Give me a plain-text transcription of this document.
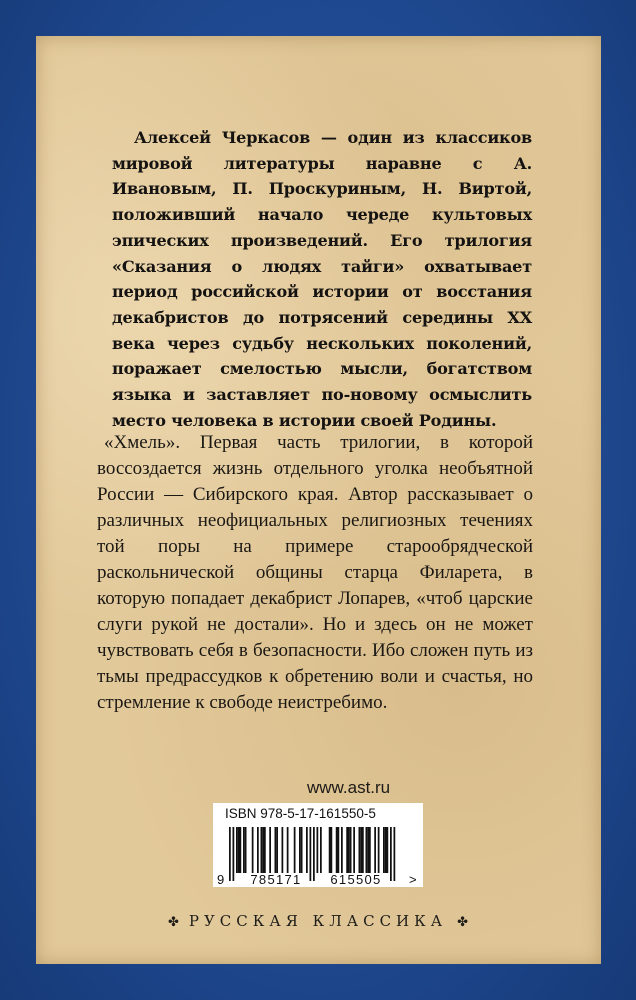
Алексей Черкасов — один из классиков мировой литературы наравне с А. Ивановым, П. Проскуриным, Н. Виртой, положивший начало череде культовых эпических произведений. Его трилогия «Сказания о людях тайги» охватывает период российской истории от восстания декабристов до потрясений середины XX века через судьбу нескольких поколений, поражает смелостью мысли, богатством языка и заставляет по-новому осмыслить место человека в истории своей Родины.

«Хмель». Первая часть трилогии, в которой воссоздается жизнь отдельного уголка необъятной России — Сибирского края. Автор рассказывает о различных неофициальных религиозных течениях той поры на примере старообрядческой раскольнической общины старца Филарета, в которую попадает декабрист Лопарев, «чтоб царские слуги рукой не достали». Но и здесь он не может чувствовать себя в безопасности. Ибо сложен путь из тьмы предрассудков к обретению воли и счастья, но стремление к свободе неистребимо.

www.ast.ru
ISBN 978-5-17-161550-5
9 785171 615505 >
✤ РУССКАЯ КЛАССИКА ✤
